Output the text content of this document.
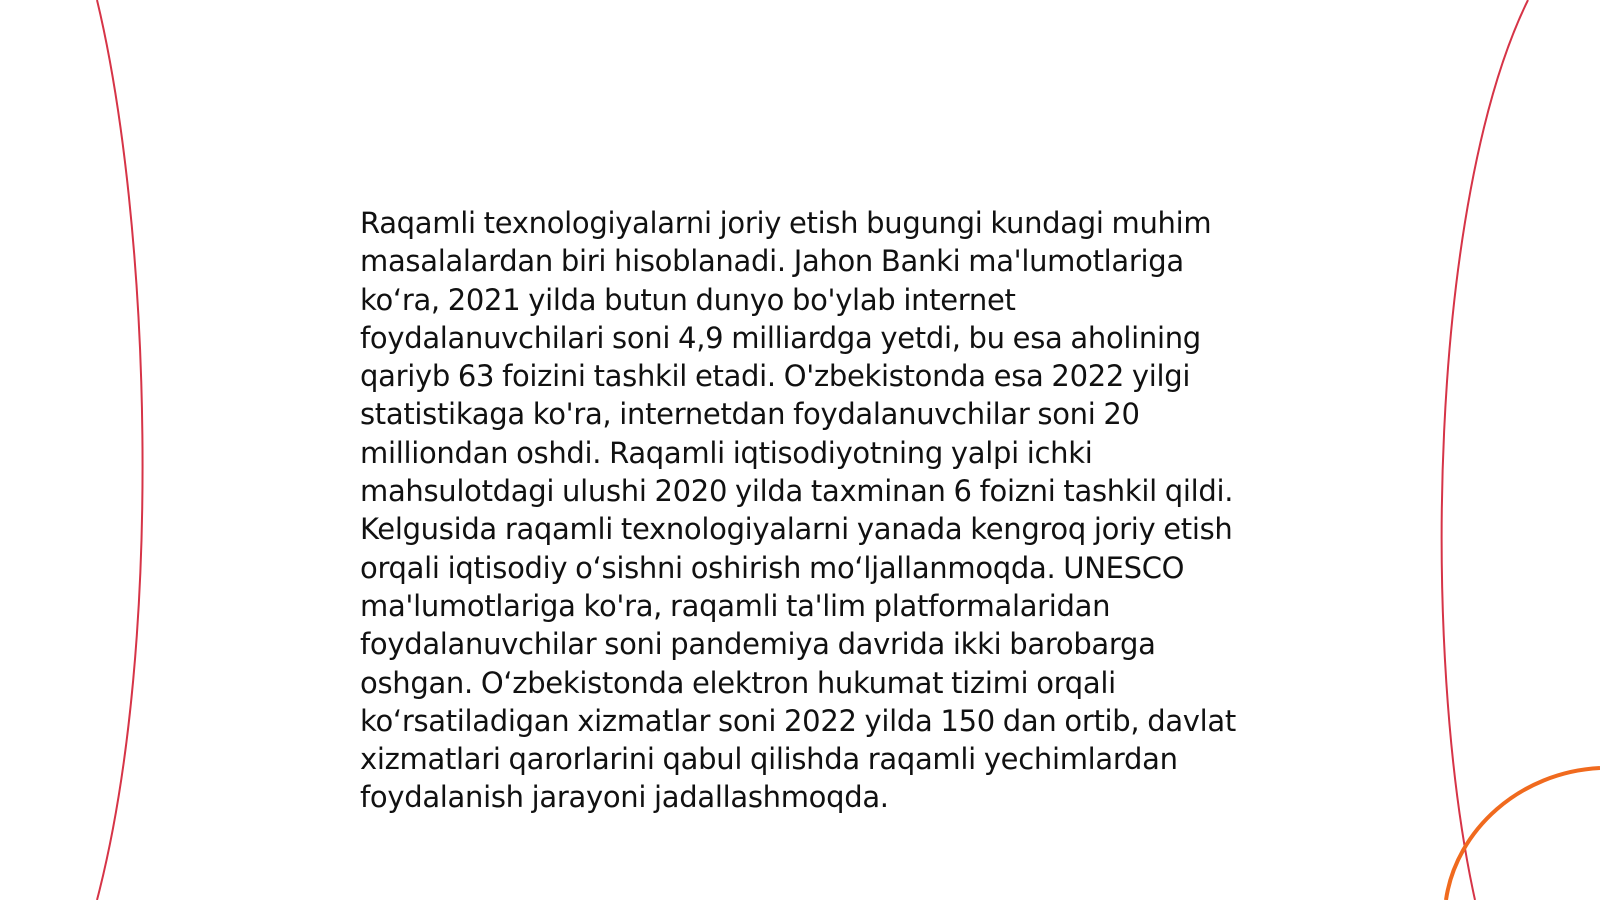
Raqamli texnologiyalarni joriy etish bugungi kundagi muhim masalalardan biri hisoblanadi. Jahon Banki ma'lumotlariga koʻra, 2021 yilda butun dunyo bo'ylab internet foydalanuvchilari soni 4,9 milliardga yetdi, bu esa aholining qariyb 63 foizini tashkil etadi. O'zbekistonda esa 2022 yilgi statistikaga ko'ra, internetdan foydalanuvchilar soni 20 milliondan oshdi. Raqamli iqtisodiyotning yalpi ichki mahsulotdagi ulushi 2020 yilda taxminan 6 foizni tashkil qildi. Kelgusida raqamli texnologiyalarni yanada kengroq joriy etish orqali iqtisodiy oʻsishni oshirish moʻljallanmoqda. UNESCO ma'lumotlariga ko'ra, raqamli ta'lim platformalaridan foydalanuvchilar soni pandemiya davrida ikki barobarga oshgan. Oʻzbekistonda elektron hukumat tizimi orqali koʻrsatiladigan xizmatlar soni 2022 yilda 150 dan ortib, davlat xizmatlari qarorlarini qabul qilishda raqamli yechimlardan foydalanish jarayoni jadallashmoqda.
